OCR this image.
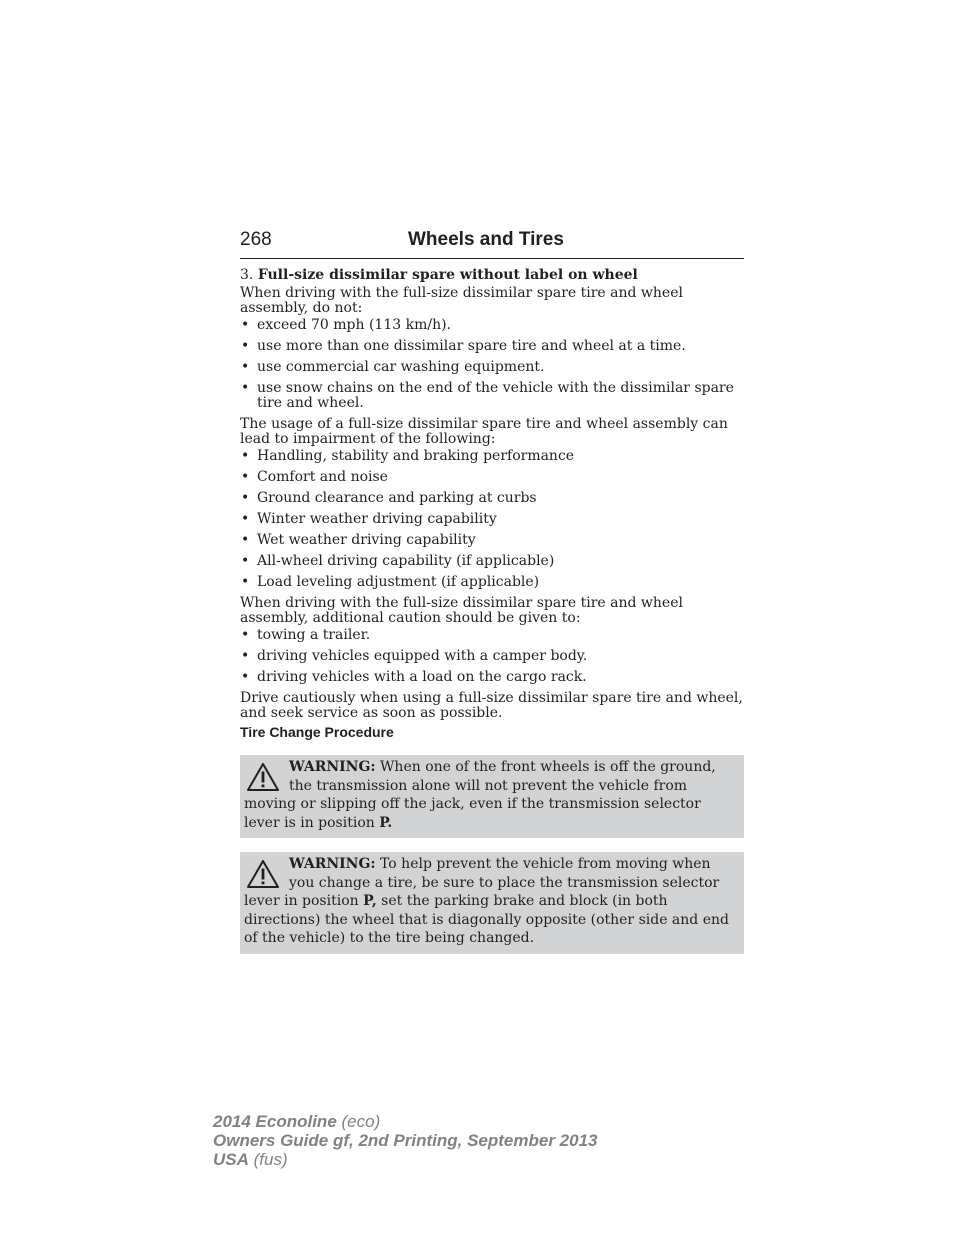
268	Wheels and Tires

3. Full-size dissimilar spare without label on wheel

When driving with the full-size dissimilar spare tire and wheel assembly, do not:

• exceed 70 mph (113 km/h).
• use more than one dissimilar spare tire and wheel at a time.
• use commercial car washing equipment.
• use snow chains on the end of the vehicle with the dissimilar spare tire and wheel.

The usage of a full-size dissimilar spare tire and wheel assembly can lead to impairment of the following:

• Handling, stability and braking performance
• Comfort and noise
• Ground clearance and parking at curbs
• Winter weather driving capability
• Wet weather driving capability
• All-wheel driving capability (if applicable)
• Load leveling adjustment (if applicable)

When driving with the full-size dissimilar spare tire and wheel assembly, additional caution should be given to:

• towing a trailer.
• driving vehicles equipped with a camper body.
• driving vehicles with a load on the cargo rack.

Drive cautiously when using a full-size dissimilar spare tire and wheel, and seek service as soon as possible.

Tire Change Procedure
WARNING: When one of the front wheels is off the ground, the transmission alone will not prevent the vehicle from moving or slipping off the jack, even if the transmission selector lever is in position P.
WARNING: To help prevent the vehicle from moving when you change a tire, be sure to place the transmission selector lever in position P, set the parking brake and block (in both directions) the wheel that is diagonally opposite (other side and end of the vehicle) to the tire being changed.
2014 Econoline (eco)
Owners Guide gf, 2nd Printing, September 2013
USA (fus)
